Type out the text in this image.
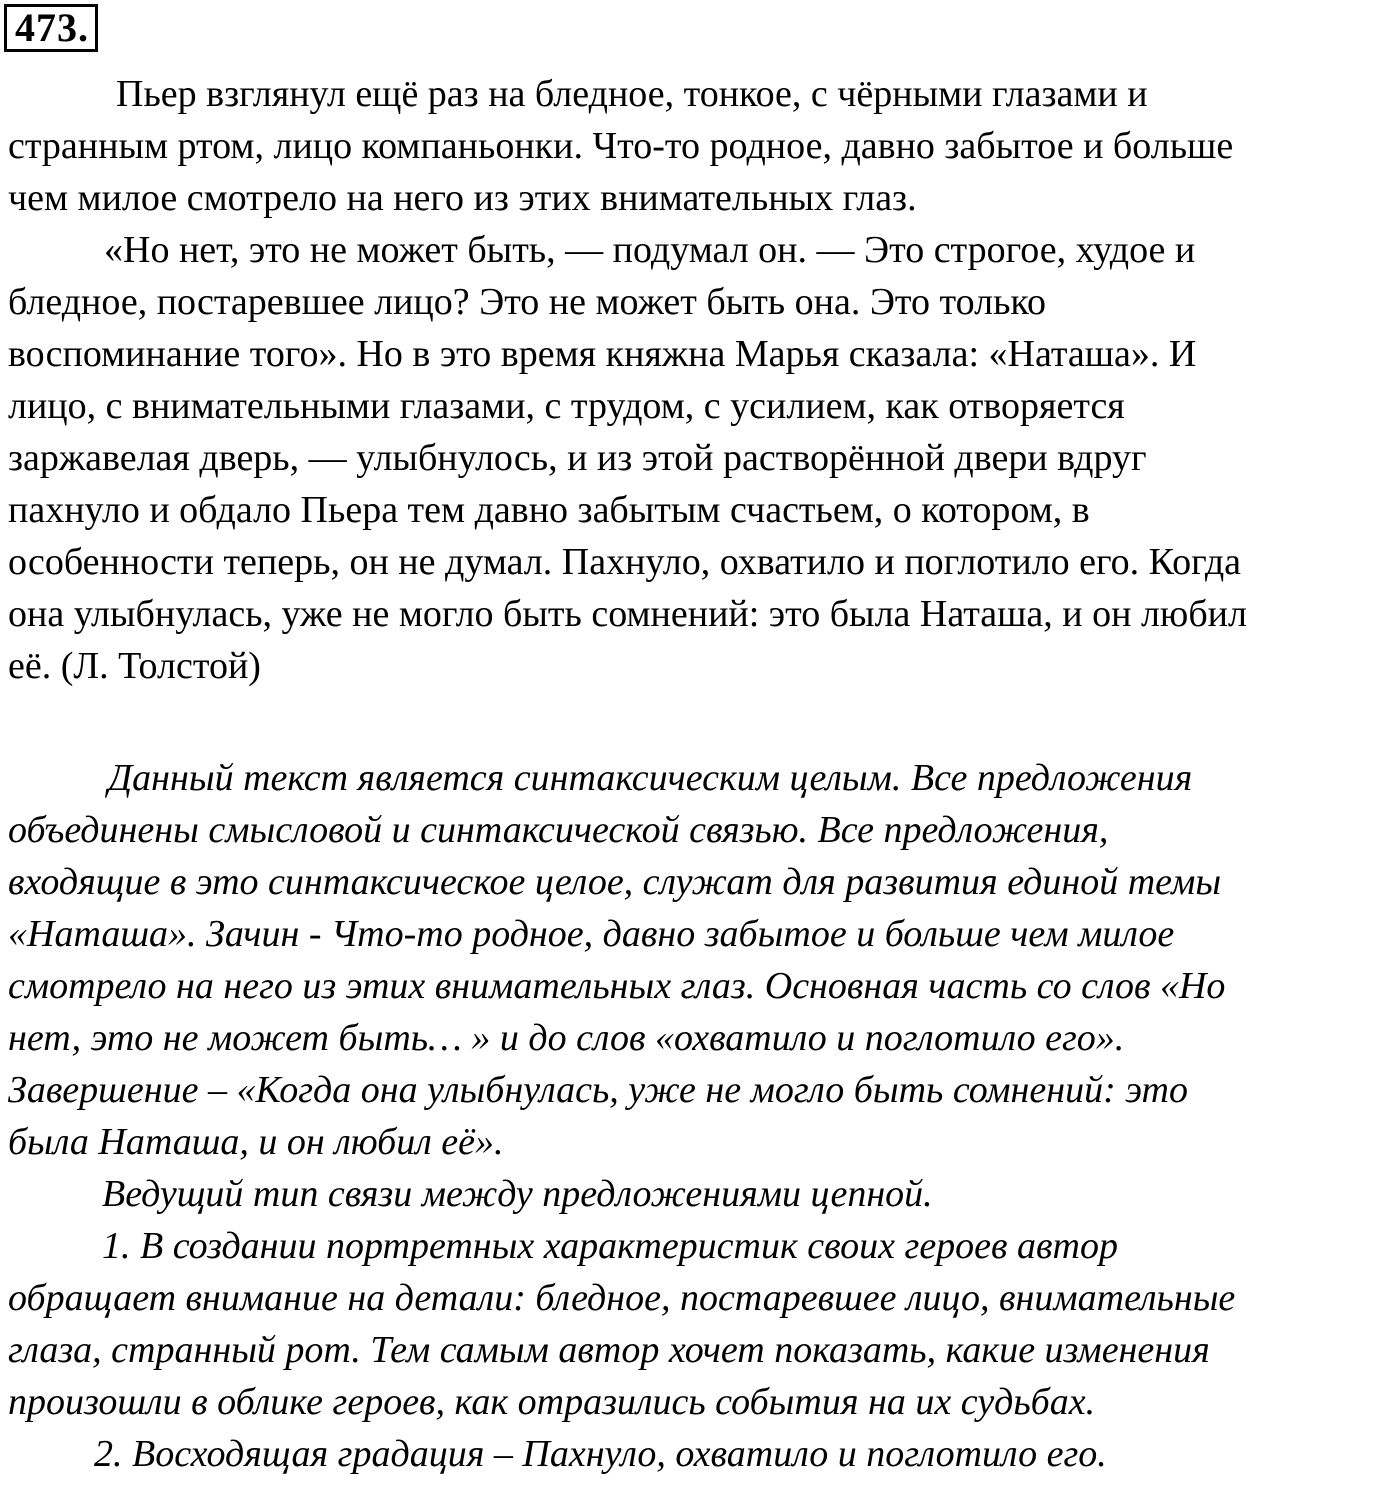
473.
Пьер взглянул ещё раз на бледное, тонкое, с чёрными глазами и
странным ртом, лицо компаньонки. Что-то родное, давно забытое и больше
чем милое смотрело на него из этих внимательных глаз.
«Но нет, это не может быть, — подумал он. — Это строгое, худое и
бледное, постаревшее лицо? Это не может быть она. Это только
воспоминание того». Но в это время княжна Марья сказала: «Наташа». И
лицо, с внимательными глазами, с трудом, с усилием, как отворяется
заржавелая дверь, — улыбнулось, и из этой растворённой двери вдруг
пахнуло и обдало Пьера тем давно забытым счастьем, о котором, в
особенности теперь, он не думал. Пахнуло, охватило и поглотило его. Когда
она улыбнулась, уже не могло быть сомнений: это была Наташа, и он любил
её. (Л. Толстой)
Данный текст является синтаксическим целым. Все предложения
объединены смысловой и синтаксической связью. Все предложения,
входящие в это синтаксическое целое, служат для развития единой темы
«Наташа». Зачин - Что-то родное, давно забытое и больше чем милое
смотрело на него из этих внимательных глаз. Основная часть со слов «Но
нет, это не может быть… » и до слов «охватило и поглотило его».
Завершение – «Когда она улыбнулась, уже не могло быть сомнений: это
была Наташа, и он любил её».
Ведущий тип связи между предложениями цепной.
1. В создании портретных характеристик своих героев автор
обращает внимание на детали: бледное, постаревшее лицо, внимательные
глаза, странный рот. Тем самым автор хочет показать, какие изменения
произошли в облике героев, как отразились события на их судьбах.
2. Восходящая градация – Пахнуло, охватило и поглотило его.
